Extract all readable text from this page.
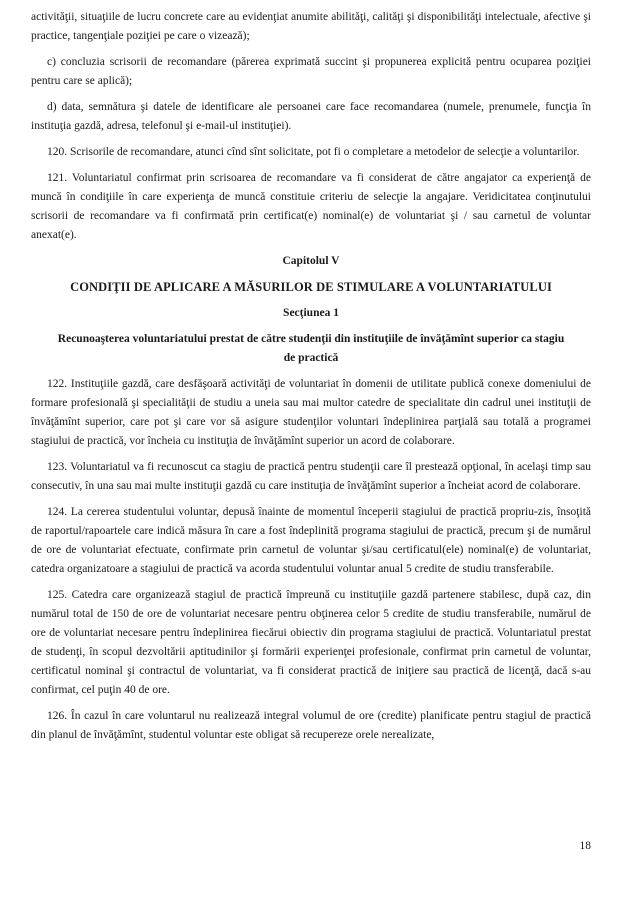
activităţii, situaţiile de lucru concrete care au evidenţiat anumite abilităţi, calităţi şi disponibilităţi intelectuale, afective şi practice, tangenţiale poziţiei pe care o vizează);

c) concluzia scrisorii de recomandare (părerea exprimată succint şi propunerea explicită pentru ocuparea poziţiei pentru care se aplică);

d) data, semnătura şi datele de identificare ale persoanei care face recomandarea (numele, prenumele, funcţia în instituţia gazdă, adresa, telefonul şi e-mail-ul instituţiei).

120. Scrisorile de recomandare, atunci cînd sînt solicitate, pot fi o completare a metodelor de selecţie a voluntarilor.

121. Voluntariatul confirmat prin scrisoarea de recomandare va fi considerat de către angajator ca experienţă de muncă în condiţiile în care experienţa de muncă constituie criteriu de selecţie la angajare. Veridicitatea conţinutului scrisorii de recomandare va fi confirmată prin certificat(e) nominal(e) de voluntariat şi / sau carnetul de voluntar anexat(e).

Capitolul V
CONDIŢII DE APLICARE A MĂSURILOR DE STIMULARE A VOLUNTARIATULUI
Secţiunea 1
Recunoaşterea voluntariatului prestat de către studenţii din instituţiile de învăţămînt superior ca stagiu de practică

122. Instituţiile gazdă, care desfăşoară activităţi de voluntariat în domenii de utilitate publică conexe domeniului de formare profesională şi specialităţii de studiu a uneia sau mai multor catedre de specialitate din cadrul unei instituţii de învăţămînt superior, care pot şi care vor să asigure studenţilor voluntari îndeplinirea parţială sau totală a programei stagiului de practică, vor încheia cu instituţia de învăţămînt superior un acord de colaborare.

123. Voluntariatul va fi recunoscut ca stagiu de practică pentru studenţii care îl prestează opţional, în acelaşi timp sau consecutiv, în una sau mai multe instituţii gazdă cu care instituţia de învăţămînt superior a încheiat acord de colaborare.

124. La cererea studentului voluntar, depusă înainte de momentul începerii stagiului de practică propriu-zis, însoţită de raportul/rapoartele care indică măsura în care a fost îndeplinită programa stagiului de practică, precum şi de numărul de ore de voluntariat efectuate, confirmate prin carnetul de voluntar şi/sau certificatul(ele) nominal(e) de voluntariat, catedra organizatoare a stagiului de practică va acorda studentului voluntar anual 5 credite de studiu transferabile.

125. Catedra care organizează stagiul de practică împreună cu instituţiile gazdă partenere stabilesc, după caz, din numărul total de 150 de ore de voluntariat necesare pentru obţinerea celor 5 credite de studiu transferabile, numărul de ore de voluntariat necesare pentru îndeplinirea fiecărui obiectiv din programa stagiului de practică. Voluntariatul prestat de studenţi, în scopul dezvoltării aptitudinilor şi formării experienţei profesionale, confirmat prin carnetul de voluntar, certificatul nominal şi contractul de voluntariat, va fi considerat practică de iniţiere sau practică de licenţă, dacă s-au confirmat, cel puţin 40 de ore.

126. În cazul în care voluntarul nu realizează integral volumul de ore (credite) planificate pentru stagiul de practică din planul de învăţămînt, studentul voluntar este obligat să recupereze orele nerealizate,

18
